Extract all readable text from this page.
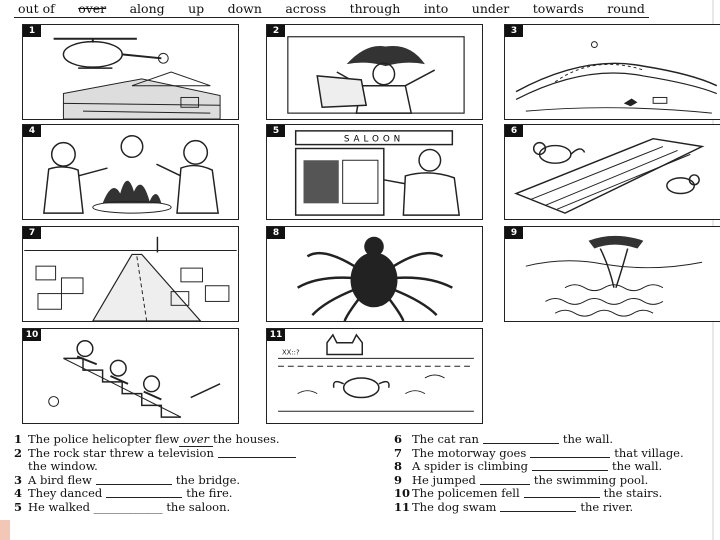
out of over along up down across through into under towards round
1	2	3
4
SALOON
5	6
7	8	9
10
XX::?
11
1 The police helicopter flew over the houses.
2 The rock star threw a television
the window.
3 A bird flew	the bridge.
4 They danced	the fire.
5 He walked ____________ the saloon.
6 The cat ran	the wall.
7 The motorway goes	that village.
8 A spider is climbing	the wall.
9 He jumped	the swimming pool.
10 The policemen fell	the stairs.
11 The dog swam	the river.
